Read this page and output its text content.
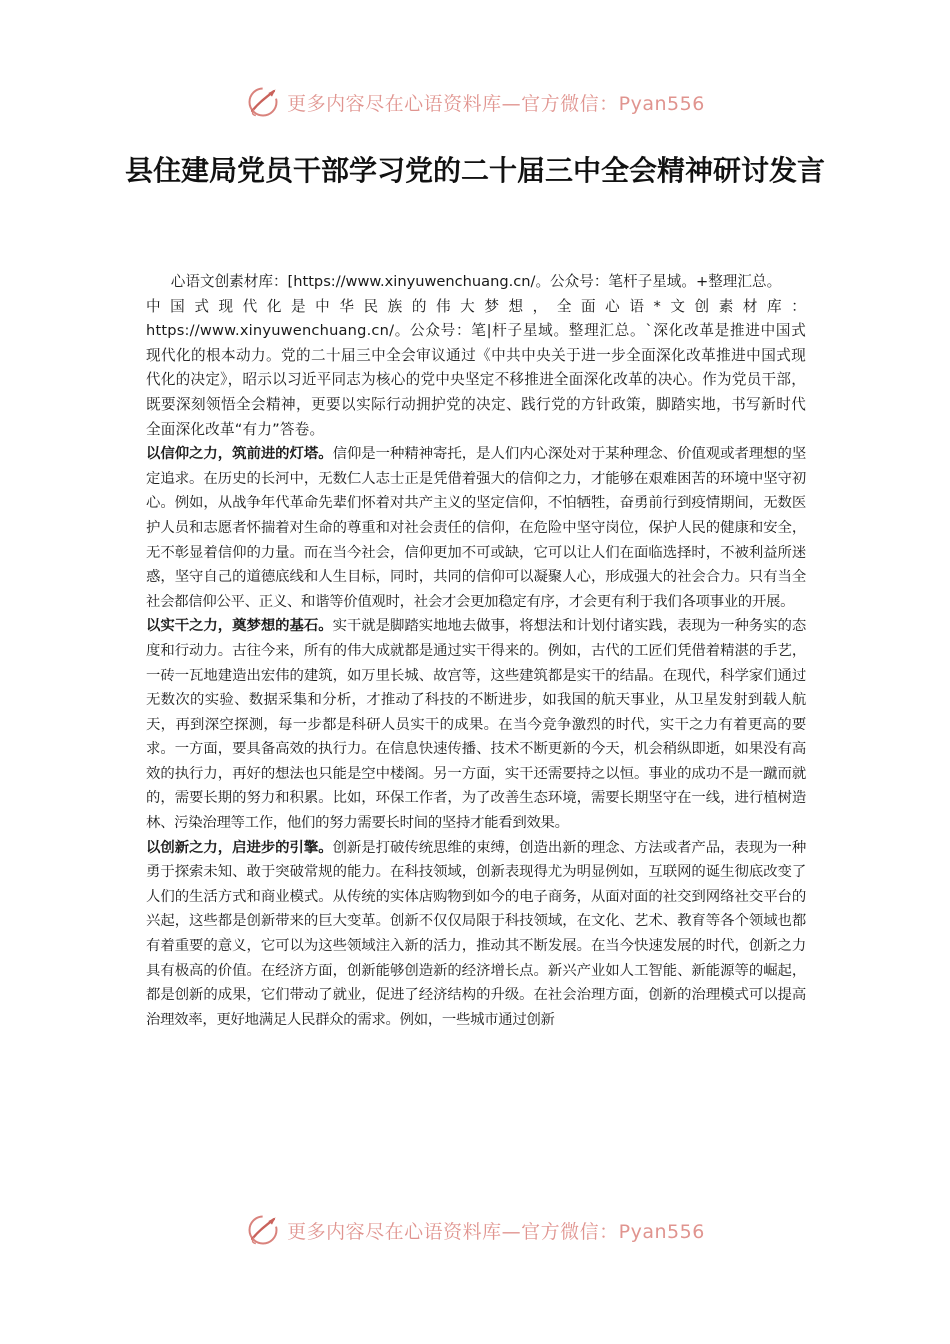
更多内容尽在心语资料库—官方微信：Pyan556
县住建局党员干部学习党的二十届三中全会精神研讨发言

心语文创素材库：[https://www.xinyuwenchuang.cn/。公众号：笔杆子星域。+整理汇总。

中国式现代化是中华民族的伟大梦想，全面心语*文创素材库：https://www.xinyuwenchuang.cn/。公众号：笔|杆子星域。整理汇总。`深化改革是推进中国式现代化的根本动力。党的二十届三中全会审议通过《中共中央关于进一步全面深化改革推进中国式现代化的决定》，昭示以习近平同志为核心的党中央坚定不移推进全面深化改革的决心。作为党员干部，既要深刻领悟全会精神，更要以实际行动拥护党的决定、践行党的方针政策，脚踏实地，书写新时代全面深化改革“有力”答卷。

以信仰之力，筑前进的灯塔。信仰是一种精神寄托，是人们内心深处对于某种理念、价值观或者理想的坚定追求。在历史的长河中，无数仁人志士正是凭借着强大的信仰之力，才能够在艰难困苦的环境中坚守初心。例如，从战争年代革命先辈们怀着对共产主义的坚定信仰，不怕牺牲，奋勇前行到疫情期间，无数医护人员和志愿者怀揣着对生命的尊重和对社会责任的信仰，在危险中坚守岗位，保护人民的健康和安全，无不彰显着信仰的力量。而在当今社会，信仰更加不可或缺，它可以让人们在面临选择时，不被利益所迷惑，坚守自己的道德底线和人生目标，同时，共同的信仰可以凝聚人心，形成强大的社会合力。只有当全社会都信仰公平、正义、和谐等价值观时，社会才会更加稳定有序，才会更有利于我们各项事业的开展。

以实干之力，奠梦想的基石。实干就是脚踏实地地去做事，将想法和计划付诸实践，表现为一种务实的态度和行动力。古往今来，所有的伟大成就都是通过实干得来的。例如，古代的工匠们凭借着精湛的手艺，一砖一瓦地建造出宏伟的建筑，如万里长城、故宫等，这些建筑都是实干的结晶。在现代，科学家们通过无数次的实验、数据采集和分析，才推动了科技的不断进步，如我国的航天事业，从卫星发射到载人航天，再到深空探测，每一步都是科研人员实干的成果。在当今竞争激烈的时代，实干之力有着更高的要求。一方面，要具备高效的执行力。在信息快速传播、技术不断更新的今天，机会稍纵即逝，如果没有高效的执行力，再好的想法也只能是空中楼阁。另一方面，实干还需要持之以恒。事业的成功不是一蹴而就的，需要长期的努力和积累。比如，环保工作者，为了改善生态环境，需要长期坚守在一线，进行植树造林、污染治理等工作，他们的努力需要长时间的坚持才能看到效果。

以创新之力，启进步的引擎。创新是打破传统思维的束缚，创造出新的理念、方法或者产品，表现为一种勇于探索未知、敢于突破常规的能力。在科技领域，创新表现得尤为明显例如，互联网的诞生彻底改变了人们的生活方式和商业模式。从传统的实体店购物到如今的电子商务，从面对面的社交到网络社交平台的兴起，这些都是创新带来的巨大变革。创新不仅仅局限于科技领域，在文化、艺术、教育等各个领域也都有着重要的意义，它可以为这些领域注入新的活力，推动其不断发展。在当今快速发展的时代，创新之力具有极高的价值。在经济方面，创新能够创造新的经济增长点。新兴产业如人工智能、新能源等的崛起，都是创新的成果，它们带动了就业，促进了经济结构的升级。在社会治理方面，创新的治理模式可以提高治理效率，更好地满足人民群众的需求。例如，一些城市通过创新

更多内容尽在心语资料库—官方微信：Pyan556
